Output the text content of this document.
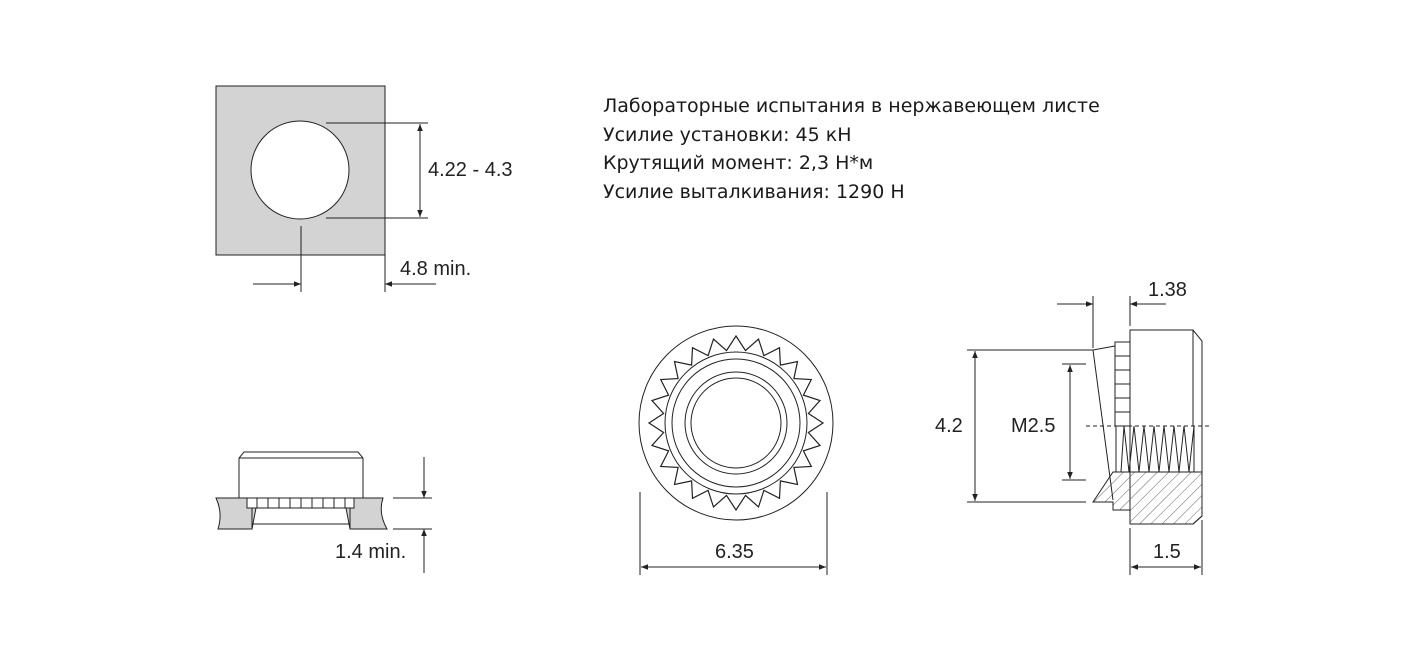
4.22 - 4.3
4.8 min.
1.4 min.	6.35
1.38
4.2 M2.5
1.5
Лабораторные испытания в нержавеющем листе
Усилие установки: 45 кН
Крутящий момент: 2,3 Н*м
Усилие выталкивания: 1290 Н
